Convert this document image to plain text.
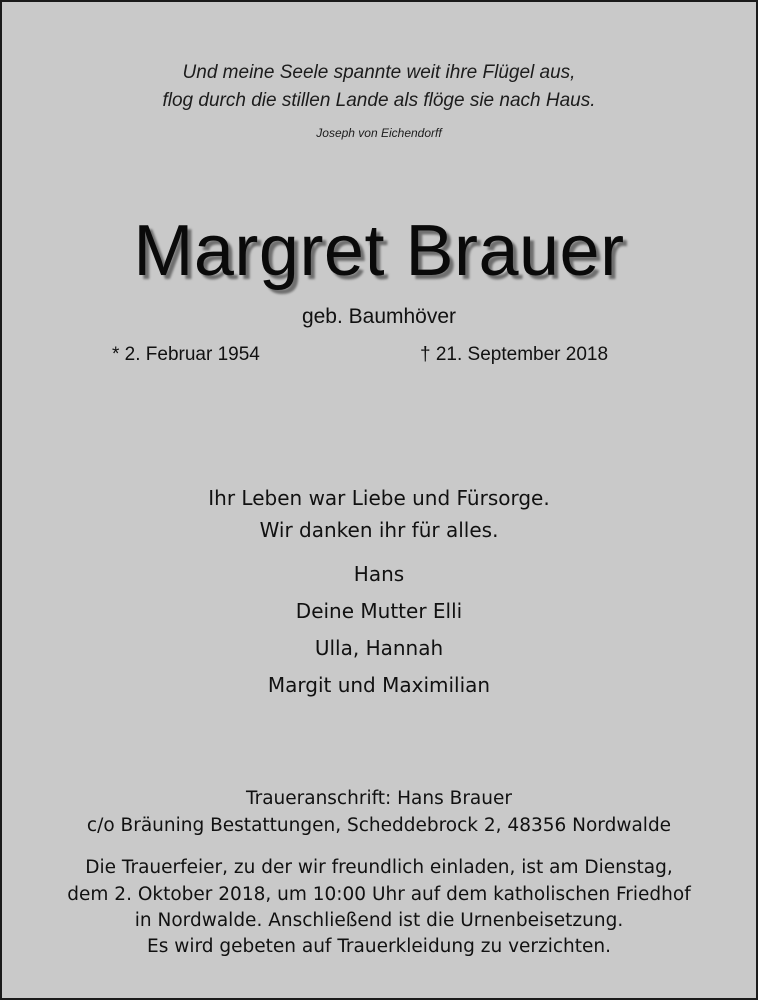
Und meine Seele spannte weit ihre Flügel aus,
flog durch die stillen Lande als flöge sie nach Haus.
Joseph von Eichendorff
Margret Brauer
geb. Baumhöver
* 2. Februar 1954	† 21. September 2018
Ihr Leben war Liebe und Fürsorge.
Wir danken ihr für alles.
Hans
Deine Mutter Elli
Ulla, Hannah
Margit und Maximilian
Traueranschrift: Hans Brauer
c/o Bräuning Bestattungen, Scheddebrock 2, 48356 Nordwalde
Die Trauerfeier, zu der wir freundlich einladen, ist am Dienstag,
dem 2. Oktober 2018, um 10:00 Uhr auf dem katholischen Friedhof
in Nordwalde. Anschließend ist die Urnenbeisetzung.
Es wird gebeten auf Trauerkleidung zu verzichten.
